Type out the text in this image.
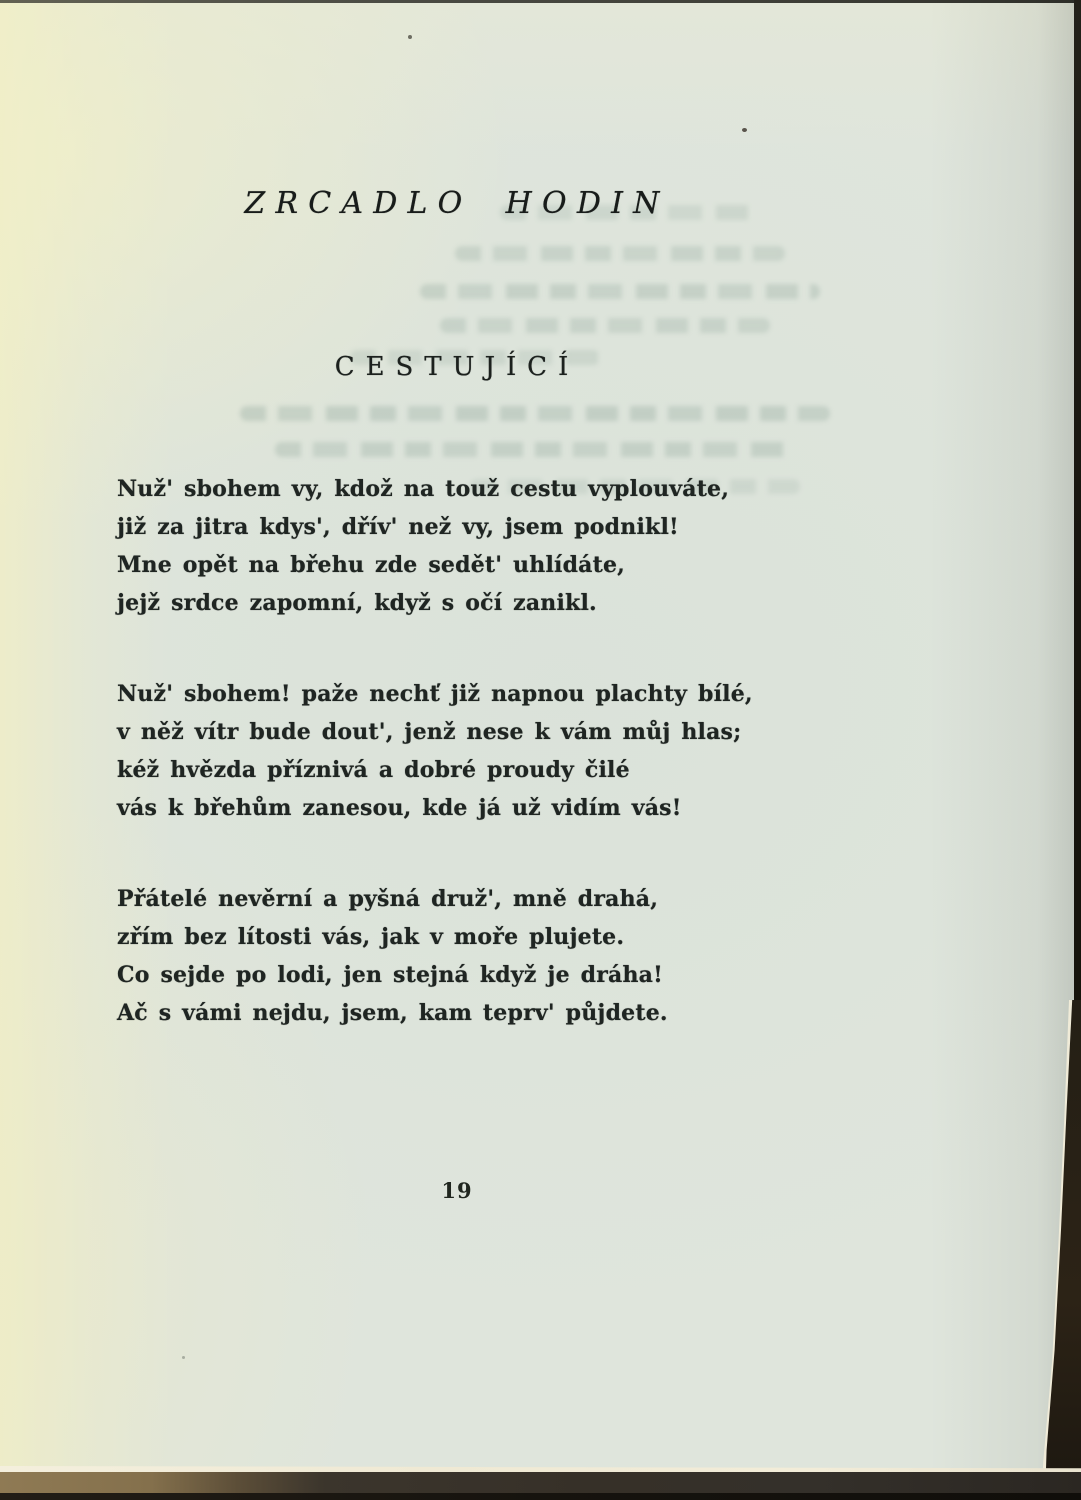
ZRCADLO HODIN
CESTUJÍCÍ

Nuž' sbohem vy, kdož na touž cestu vyplouváte,

již za jitra kdys', dřív' než vy, jsem podnikl!

Mne opět na břehu zde sedět' uhlídáte,

jejž srdce zapomní, když s očí zanikl.

Nuž' sbohem! paže nechť již napnou plachty bílé,

v něž vítr bude dout', jenž nese k vám můj hlas;

kéž hvězda příznivá a dobré proudy čilé

vás k břehům zanesou, kde já už vidím vás!

Přátelé nevěrní a pyšná druž', mně drahá,

zřím bez lítosti vás, jak v moře plujete.

Co sejde po lodi, jen stejná když je dráha!

Ač s vámi nejdu, jsem, kam teprv' půjdete.

19
